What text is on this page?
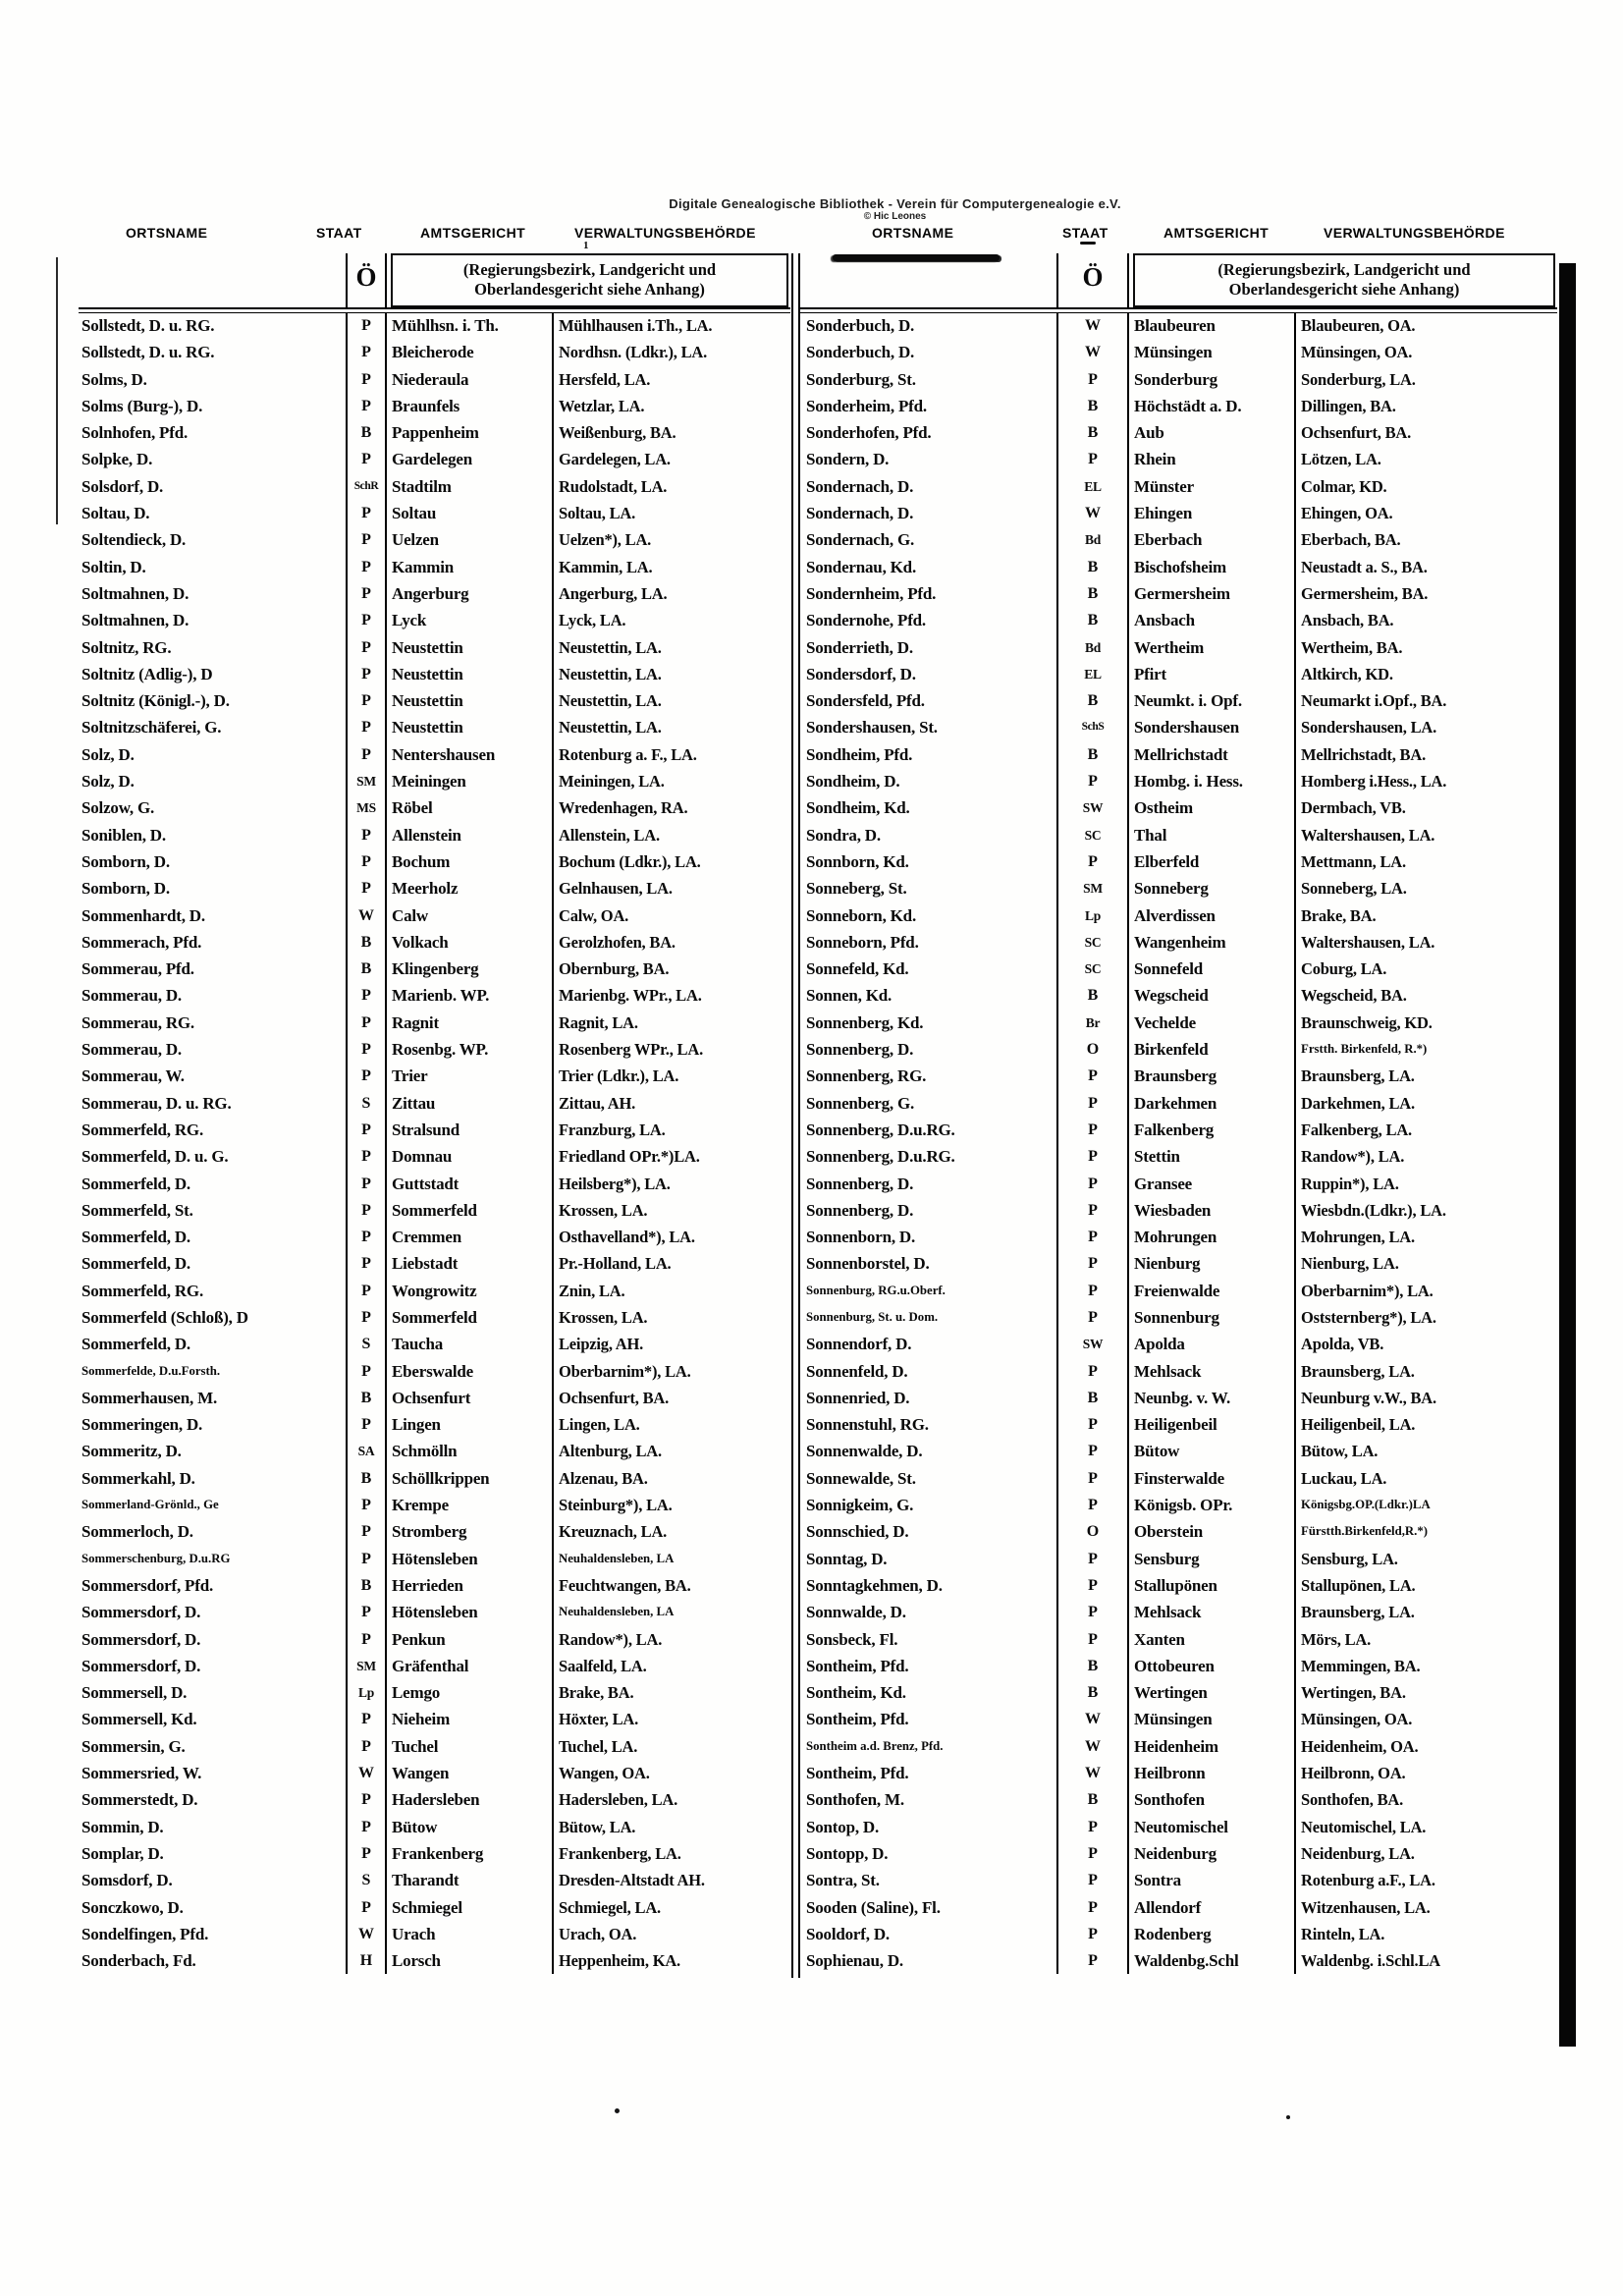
Digitale Genealogische Bibliothek - Verein für Computergenealogie e.V.
© Hic Leones
ORTSNAME	STAAT	AMTSGERICHT	VERWALTUNGSBEHÖRDE	ORTSNAME	STAAT	AMTSGERICHT	VERWALTUNGSBEHÖRDE
1
Ö	(Regierungsbezirk, Landgericht und
Oberlandesgericht siehe Anhang)	Ö	(Regierungsbezirk, Landgericht und
Oberlandesgericht siehe Anhang)
Sollstedt, D. u. RG.	P	Mühlhsn. i. Th.	Mühlhausen i.Th., LA.
Sollstedt, D. u. RG.	P	Bleicherode	Nordhsn. (Ldkr.), LA.
Solms, D.	P	Niederaula	Hersfeld, LA.
Solms (Burg-), D.	P	Braunfels	Wetzlar, LA.
Solnhofen, Pfd.	B	Pappenheim	Weißenburg, BA.
Solpke, D.	P	Gardelegen	Gardelegen, LA.
Solsdorf, D.	SchR Stadtilm	Rudolstadt, LA.
Soltau, D.	P	Soltau	Soltau, LA.
Soltendieck, D.	P	Uelzen	Uelzen*), LA.
Soltin, D.	P	Kammin	Kammin, LA.
Soltmahnen, D.	P	Angerburg	Angerburg, LA.
Soltmahnen, D.	P	Lyck	Lyck, LA.
Soltnitz, RG.	P	Neustettin	Neustettin, LA.
Soltnitz (Adlig-), D	P	Neustettin	Neustettin, LA.
Soltnitz (Königl.-), D.	P	Neustettin	Neustettin, LA.
Soltnitzschäferei, G.	P	Neustettin	Neustettin, LA.
Solz, D.	P	Nentershausen	Rotenburg a. F., LA.
Solz, D.	SM Meiningen	Meiningen, LA.
Solzow, G.	MS Röbel	Wredenhagen, RA.
Soniblen, D.	P	Allenstein	Allenstein, LA.
Somborn, D.	P	Bochum	Bochum (Ldkr.), LA.
Somborn, D.	P	Meerholz	Gelnhausen, LA.
Sommenhardt, D.	W	Calw	Calw, OA.
Sommerach, Pfd.	B	Volkach	Gerolzhofen, BA.
Sommerau, Pfd.	B	Klingenberg	Obernburg, BA.
Sommerau, D.	P	Marienb. WP.	Marienbg. WPr., LA.
Sommerau, RG.	P	Ragnit	Ragnit, LA.
Sommerau, D.	P	Rosenbg. WP.	Rosenberg WPr., LA.
Sommerau, W.	P	Trier	Trier (Ldkr.), LA.
Sommerau, D. u. RG.	S	Zittau	Zittau, AH.
Sommerfeld, RG.	P	Stralsund	Franzburg, LA.
Sommerfeld, D. u. G.	P	Domnau	Friedland OPr.*)LA.
Sommerfeld, D.	P	Guttstadt	Heilsberg*), LA.
Sommerfeld, St.	P	Sommerfeld	Krossen, LA.
Sommerfeld, D.	P	Cremmen	Osthavelland*), LA.
Sommerfeld, D.	P	Liebstadt	Pr.-Holland, LA.
Sommerfeld, RG.	P	Wongrowitz	Znin, LA.
Sommerfeld (Schloß), D	P	Sommerfeld	Krossen, LA.
Sommerfeld, D.	S	Taucha	Leipzig, AH.
Sommerfelde, D.u.Forsth.	P	Eberswalde	Oberbarnim*), LA.
Sommerhausen, M.	B	Ochsenfurt	Ochsenfurt, BA.
Sommeringen, D.	P	Lingen	Lingen, LA.
Sommeritz, D.	SA	Schmölln	Altenburg, LA.
Sommerkahl, D.	B	Schöllkrippen	Alzenau, BA.
Sommerland-Grönld., Ge	P	Krempe	Steinburg*), LA.
Sommerloch, D.	P	Stromberg	Kreuznach, LA.
Sommerschenburg, D.u.RG	P	Hötensleben	Neuhaldensleben, LA
Sommersdorf, Pfd.	B	Herrieden	Feuchtwangen, BA.
Sommersdorf, D.	P	Hötensleben	Neuhaldensleben, LA
Sommersdorf, D.	P	Penkun	Randow*), LA.
Sommersdorf, D.	SM Gräfenthal	Saalfeld, LA.
Sommersell, D.	Lp	Lemgo	Brake, BA.
Sommersell, Kd.	P	Nieheim	Höxter, LA.
Sommersin, G.	P	Tuchel	Tuchel, LA.
Sommersried, W.	W	Wangen	Wangen, OA.
Sommerstedt, D.	P	Hadersleben	Hadersleben, LA.
Sommin, D.	P	Bütow	Bütow, LA.
Somplar, D.	P	Frankenberg	Frankenberg, LA.
Somsdorf, D.	S	Tharandt	Dresden-Altstadt AH.
Sonczkowo, D.	P	Schmiegel	Schmiegel, LA.
Sondelfingen, Pfd.	W	Urach	Urach, OA.
Sonderbach, Fd.	H	Lorsch	Heppenheim, KA.
Sonderbuch, D.	W	Blaubeuren	Blaubeuren, OA.
Sonderbuch, D.	W	Münsingen	Münsingen, OA.
Sonderburg, St.	P	Sonderburg	Sonderburg, LA.
Sonderheim, Pfd.	B	Höchstädt a. D.	Dillingen, BA.
Sonderhofen, Pfd.	B	Aub	Ochsenfurt, BA.
Sondern, D.	P	Rhein	Lötzen, LA.
Sondernach, D.	EL	Münster	Colmar, KD.
Sondernach, D.	W	Ehingen	Ehingen, OA.
Sondernach, G.	Bd	Eberbach	Eberbach, BA.
Sondernau, Kd.	B	Bischofsheim	Neustadt a. S., BA.
Sondernheim, Pfd.	B	Germersheim	Germersheim, BA.
Sondernohe, Pfd.	B	Ansbach	Ansbach, BA.
Sonderrieth, D.	Bd	Wertheim	Wertheim, BA.
Sondersdorf, D.	EL	Pfirt	Altkirch, KD.
Sondersfeld, Pfd.	B	Neumkt. i. Opf.	Neumarkt i.Opf., BA.
Sondershausen, St.	SchS	Sondershausen	Sondershausen, LA.
Sondheim, Pfd.	B	Mellrichstadt	Mellrichstadt, BA.
Sondheim, D.	P	Hombg. i. Hess.	Homberg i.Hess., LA.
Sondheim, Kd.	SW	Ostheim	Dermbach, VB.
Sondra, D.	SC	Thal	Waltershausen, LA.
Sonnborn, Kd.	P	Elberfeld	Mettmann, LA.
Sonneberg, St.	SM	Sonneberg	Sonneberg, LA.
Sonneborn, Kd.	Lp	Alverdissen	Brake, BA.
Sonneborn, Pfd.	SC	Wangenheim	Waltershausen, LA.
Sonnefeld, Kd.	SC	Sonnefeld	Coburg, LA.
Sonnen, Kd.	B	Wegscheid	Wegscheid, BA.
Sonnenberg, Kd.	Br	Vechelde	Braunschweig, KD.
Sonnenberg, D.	O	Birkenfeld	Frstth. Birkenfeld, R.*)
Sonnenberg, RG.	P	Braunsberg	Braunsberg, LA.
Sonnenberg, G.	P	Darkehmen	Darkehmen, LA.
Sonnenberg, D.u.RG.	P	Falkenberg	Falkenberg, LA.
Sonnenberg, D.u.RG.	P	Stettin	Randow*), LA.
Sonnenberg, D.	P	Gransee	Ruppin*), LA.
Sonnenberg, D.	P	Wiesbaden	Wiesbdn.(Ldkr.), LA.
Sonnenborn, D.	P	Mohrungen	Mohrungen, LA.
Sonnenborstel, D.	P	Nienburg	Nienburg, LA.
Sonnenburg, RG.u.Oberf.	P	Freienwalde	Oberbarnim*), LA.
Sonnenburg, St. u. Dom.	P	Sonnenburg	Oststernberg*), LA.
Sonnendorf, D.	SW	Apolda	Apolda, VB.
Sonnenfeld, D.	P	Mehlsack	Braunsberg, LA.
Sonnenried, D.	B	Neunbg. v. W.	Neunburg v.W., BA.
Sonnenstuhl, RG.	P	Heiligenbeil	Heiligenbeil, LA.
Sonnenwalde, D.	P	Bütow	Bütow, LA.
Sonnewalde, St.	P	Finsterwalde	Luckau, LA.
Sonnigkeim, G.	P	Königsb. OPr.	Königsbg.OP.(Ldkr.)LA
Sonnschied, D.	O	Oberstein	Fürstth.Birkenfeld,R.*)
Sonntag, D.	P	Sensburg	Sensburg, LA.
Sonntagkehmen, D.	P	Stallupönen	Stallupönen, LA.
Sonnwalde, D.	P	Mehlsack	Braunsberg, LA.
Sonsbeck, Fl.	P	Xanten	Mörs, LA.
Sontheim, Pfd.	B	Ottobeuren	Memmingen, BA.
Sontheim, Kd.	B	Wertingen	Wertingen, BA.
Sontheim, Pfd.	W	Münsingen	Münsingen, OA.
Sontheim a.d. Brenz, Pfd.	W	Heidenheim	Heidenheim, OA.
Sontheim, Pfd.	W	Heilbronn	Heilbronn, OA.
Sonthofen, M.	B	Sonthofen	Sonthofen, BA.
Sontop, D.	P	Neutomischel	Neutomischel, LA.
Sontopp, D.	P	Neidenburg	Neidenburg, LA.
Sontra, St.	P	Sontra	Rotenburg a.F., LA.
Sooden (Saline), Fl.	P	Allendorf	Witzenhausen, LA.
Sooldorf, D.	P	Rodenberg	Rinteln, LA.
Sophienau, D.	P	Waldenbg.Schl	Waldenbg. i.Schl.LA
